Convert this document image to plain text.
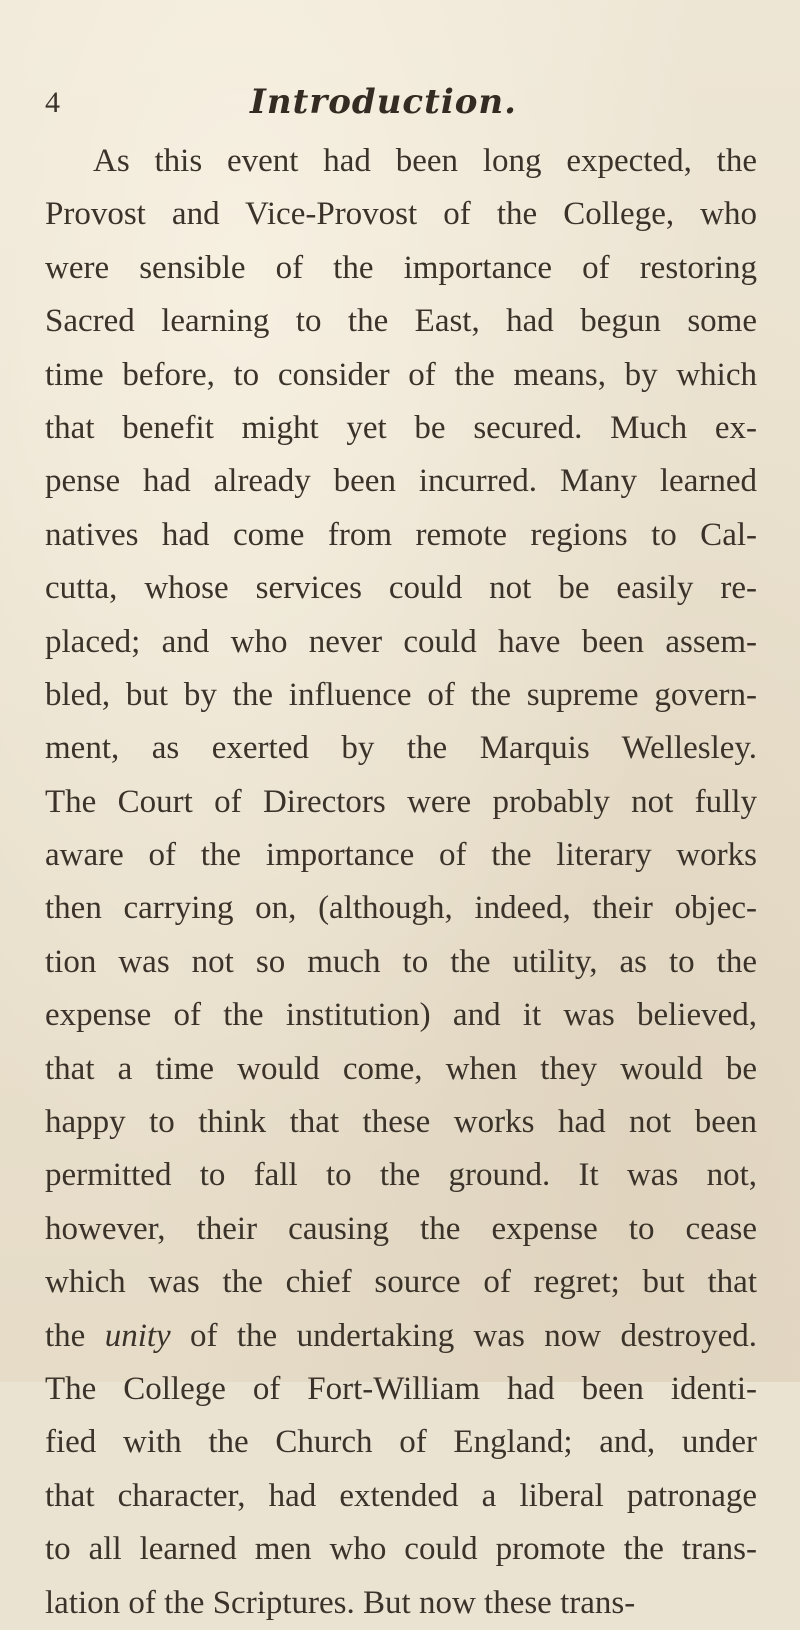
4	Introduction.
As this event had been long expected, the
Provost and Vice-Provost of the College, who
were sensible of the importance of restoring
Sacred learning to the East, had begun some
time before, to consider of the means, by which
that benefit might yet be secured. Much ex-
pense had already been incurred. Many learned
natives had come from remote regions to Cal-
cutta, whose services could not be easily re-
placed; and who never could have been assem-
bled, but by the influence of the supreme govern-
ment, as exerted by the Marquis Wellesley.
The Court of Directors were probably not fully
aware of the importance of the literary works
then carrying on, (although, indeed, their objec-
tion was not so much to the utility, as to the
expense of the institution) and it was believed,
that a time would come, when they would be
happy to think that these works had not been
permitted to fall to the ground. It was not,
however, their causing the expense to cease
which was the chief source of regret; but that
the unity of the undertaking was now destroyed.
The College of Fort-William had been identi-
fied with the Church of England; and, under
that character, had extended a liberal patronage
to all learned men who could promote the trans-
lation of the Scriptures. But now these trans-
